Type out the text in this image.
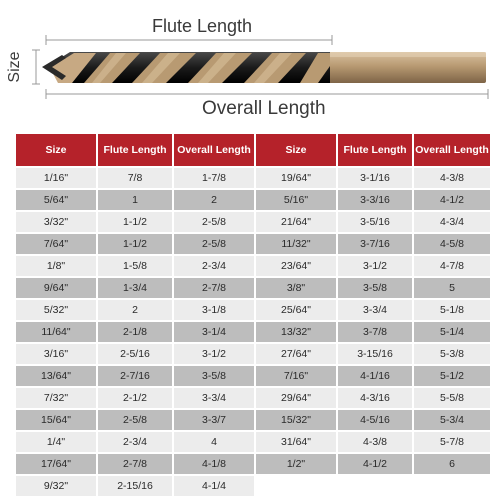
Flute Length
Size
Overall Length
Size	Flute Length	Overall Length	Size	Flute Length	Overall Length
1/16"	7/8	1-7/8	19/64"	3-1/16	4-3/8
5/64"	1	2	5/16"	3-3/16	4-1/2
3/32"	1-1/2	2-5/8	21/64"	3-5/16	4-3/4
7/64"	1-1/2	2-5/8	11/32"	3-7/16	4-5/8
1/8"	1-5/8	2-3/4	23/64"	3-1/2	4-7/8
9/64"	1-3/4	2-7/8	3/8"	3-5/8	5
5/32"	2	3-1/8	25/64"	3-3/4	5-1/8
11/64"	2-1/8	3-1/4	13/32"	3-7/8	5-1/4
3/16"	2-5/16	3-1/2	27/64"	3-15/16	5-3/8
13/64"	2-7/16	3-5/8	7/16"	4-1/16	5-1/2
7/32"	2-1/2	3-3/4	29/64"	4-3/16	5-5/8
15/64"	2-5/8	3-3/7	15/32"	4-5/16	5-3/4
1/4"	2-3/4	4	31/64"	4-3/8	5-7/8
17/64"	2-7/8	4-1/8	1/2"	4-1/2	6
9/32"	2-15/16	4-1/4			
